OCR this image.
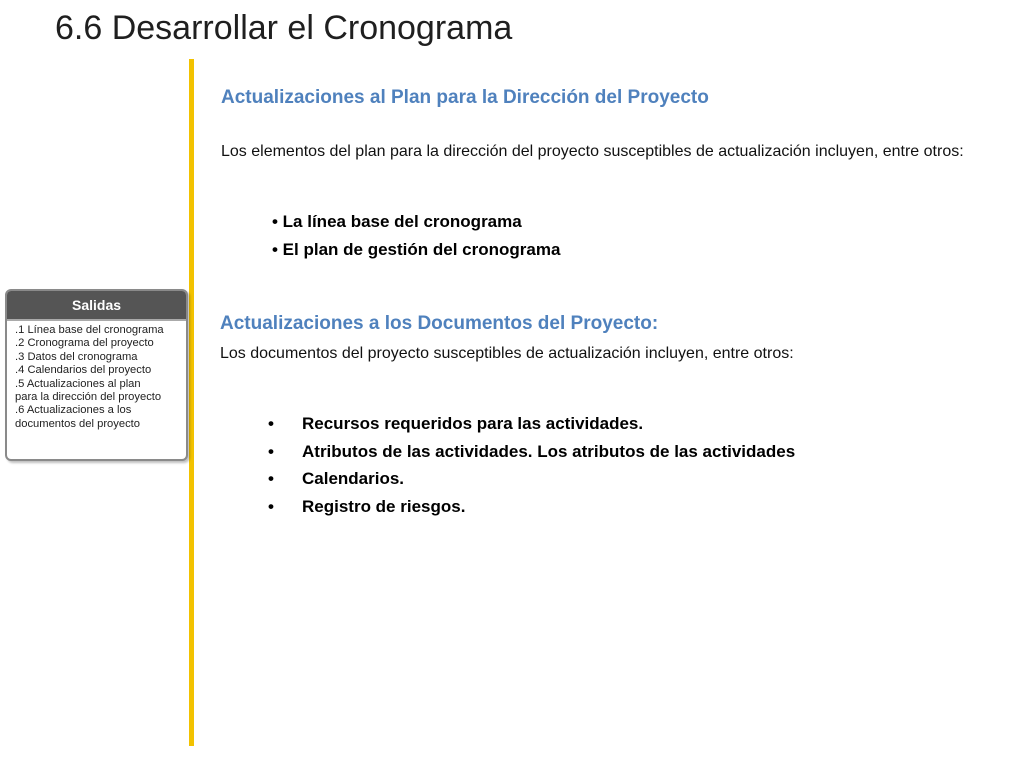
6.6 Desarrollar el Cronograma
Salidas
.1 Línea base del cronograma
.2 Cronograma del proyecto
.3 Datos del cronograma
.4 Calendarios del proyecto
.5 Actualizaciones al plan
para la dirección del proyecto
.6 Actualizaciones a los
documentos del proyecto
Actualizaciones al Plan para la Dirección del Proyecto
Los elementos del plan para la dirección del proyecto susceptibles de actualización incluyen, entre otros:
• La línea base del cronograma
• El plan de gestión del cronograma
Actualizaciones a los Documentos del Proyecto:
Los documentos del proyecto susceptibles de actualización incluyen, entre otros:
• Recursos requeridos para las actividades.
• Atributos de las actividades. Los atributos de las actividades
• Calendarios.
• Registro de riesgos.
